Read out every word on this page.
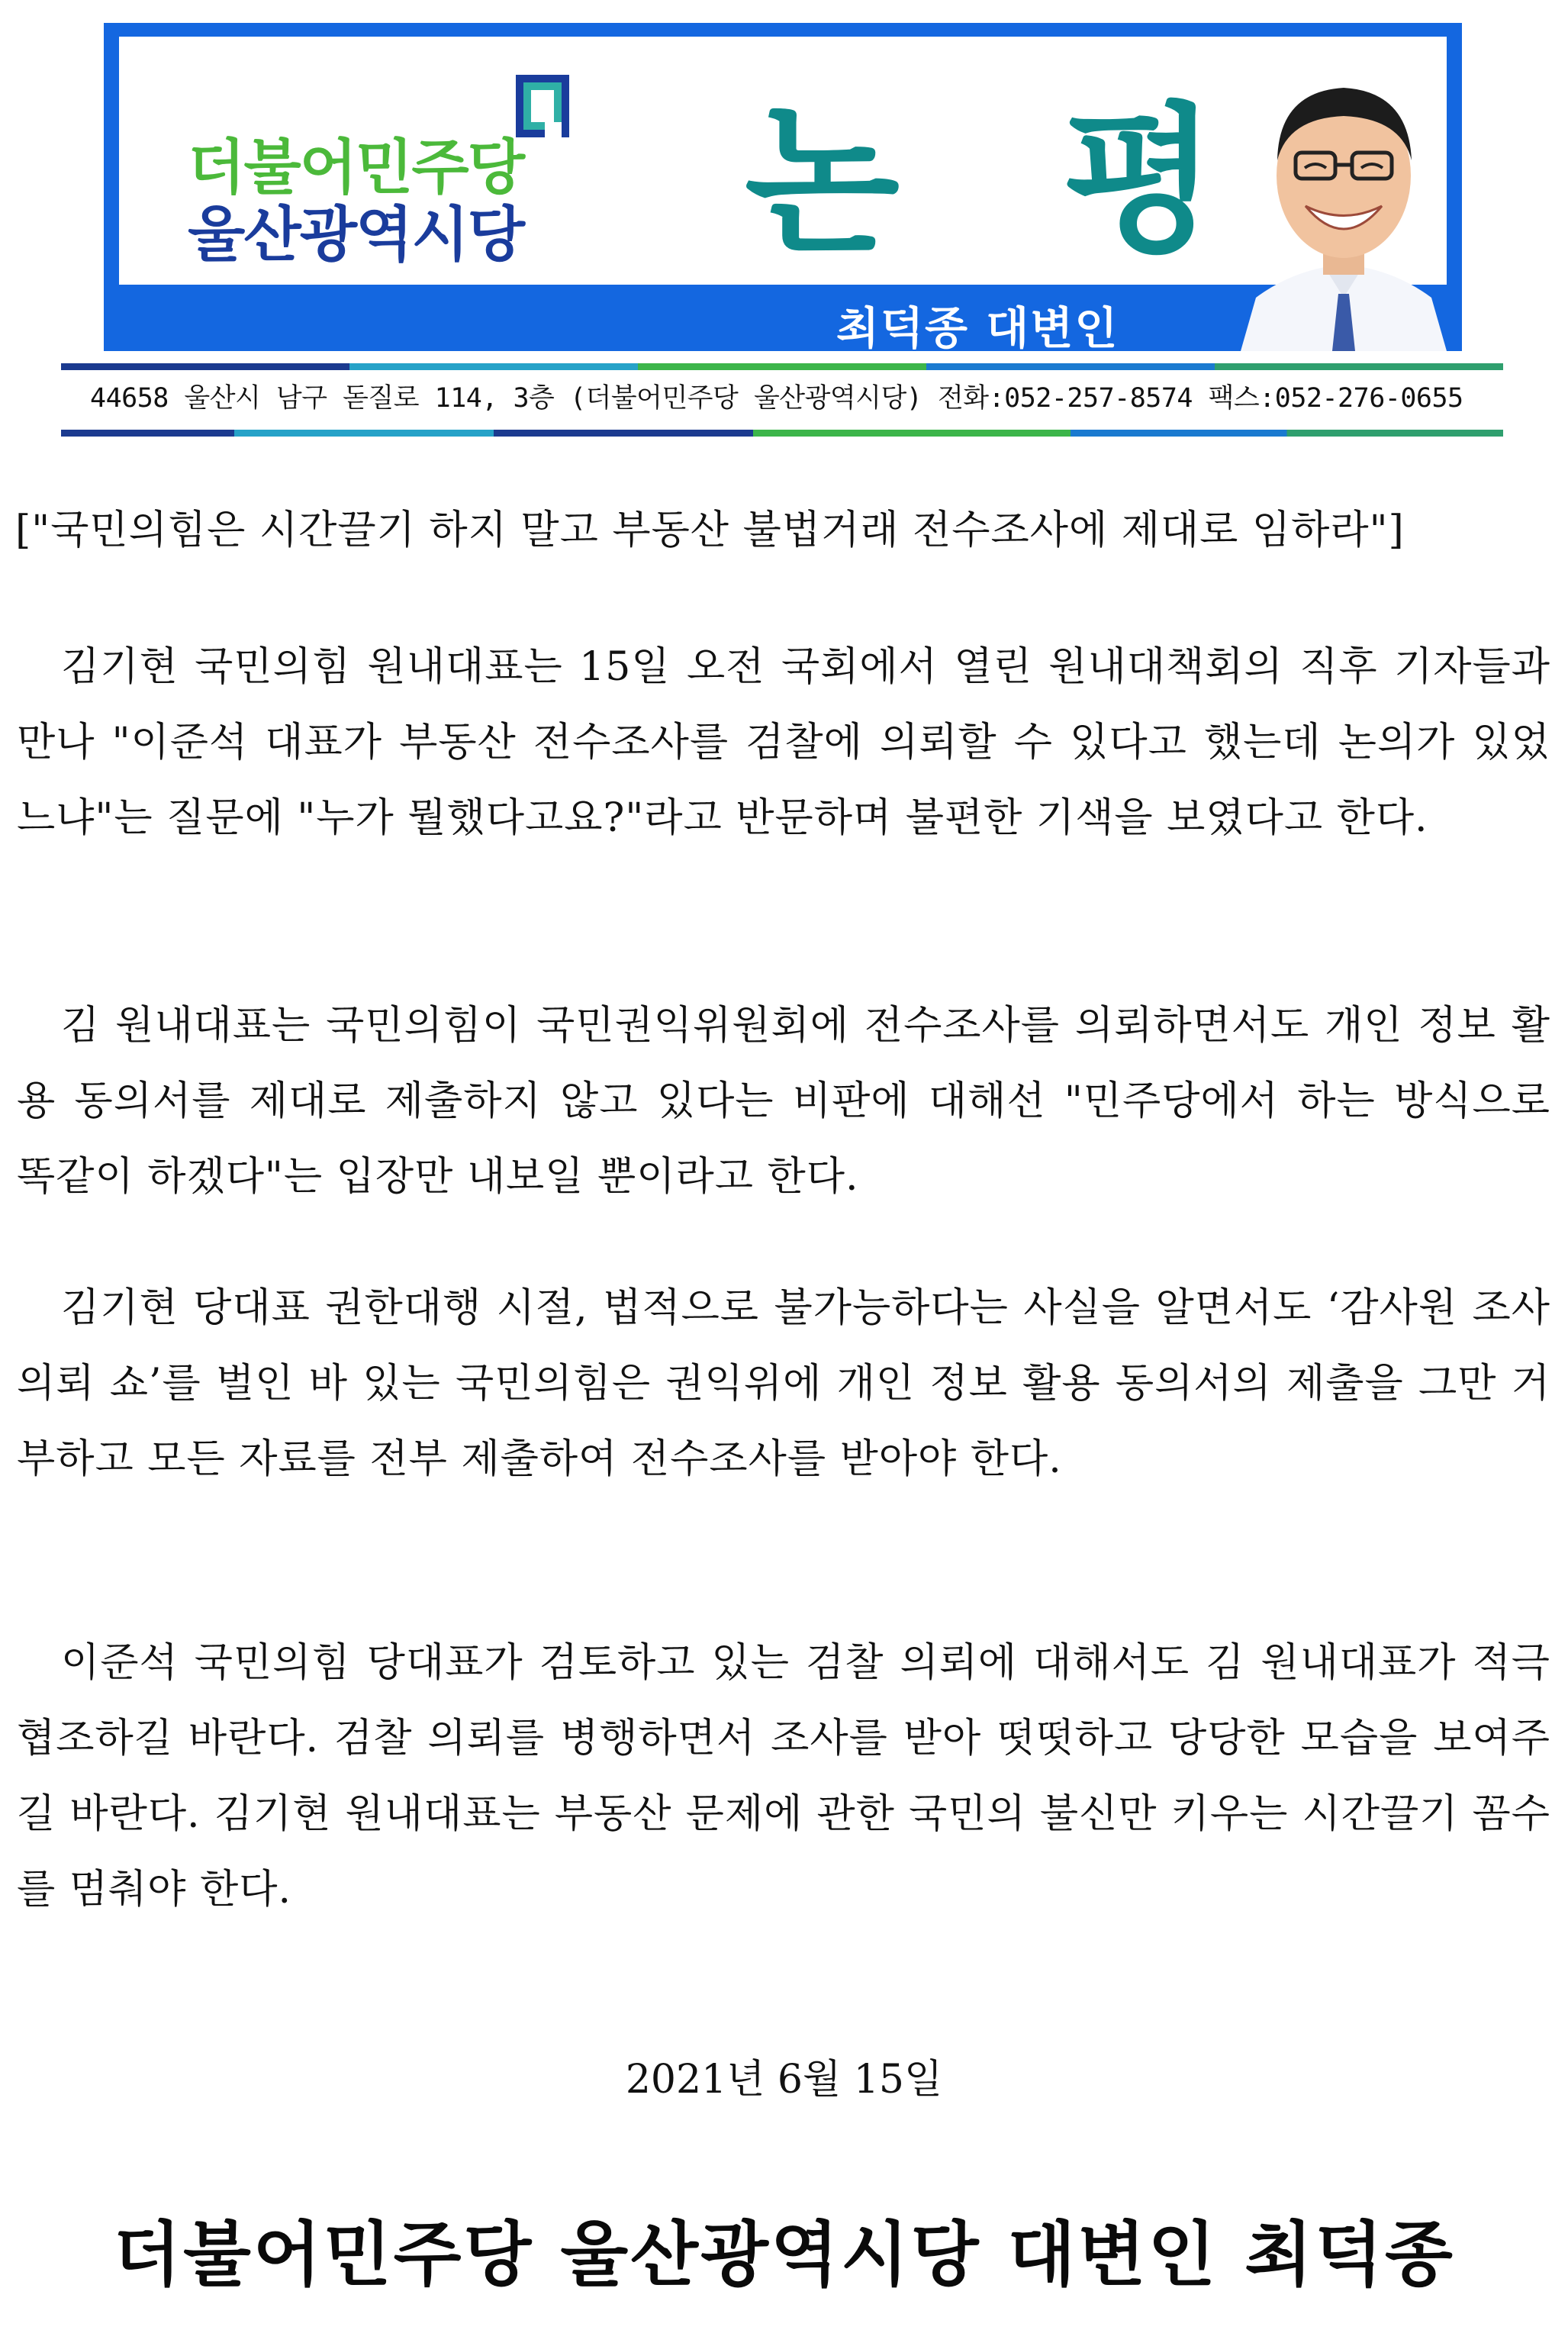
더불어민주당
울산광역시당 논 평
최덕종 대변인
44658 울산시 남구 돋질로 114, 3층 (더불어민주당 울산광역시당) 전화:052-257-8574 팩스:052-276-0655
["국민의힘은 시간끌기 하지 말고 부동산 불법거래 전수조사에 제대로 임하라"]
김기현 국민의힘 원내대표는 15일 오전 국회에서 열린 원내대책회의 직후 기자들과 만나 "이준석 대표가 부동산 전수조사를 검찰에 의뢰할 수 있다고 했는데 논의가 있었느냐"는 질문에 "누가 뭘했다고요?"라고 반문하며 불편한 기색을 보였다고 한다.
김 원내대표는 국민의힘이 국민권익위원회에 전수조사를 의뢰하면서도 개인 정보 활용 동의서를 제대로 제출하지 않고 있다는 비판에 대해선 "민주당에서 하는 방식으로 똑같이 하겠다"는 입장만 내보일 뿐이라고 한다.
김기현 당대표 권한대행 시절, 법적으로 불가능하다는 사실을 알면서도 ‘감사원 조사의뢰 쇼’를 벌인 바 있는 국민의힘은 권익위에 개인 정보 활용 동의서의 제출을 그만 거부하고 모든 자료를 전부 제출하여 전수조사를 받아야 한다.
이준석 국민의힘 당대표가 검토하고 있는 검찰 의뢰에 대해서도 김 원내대표가 적극 협조하길 바란다. 검찰 의뢰를 병행하면서 조사를 받아 떳떳하고 당당한 모습을 보여주길 바란다. 김기현 원내대표는 부동산 문제에 관한 국민의 불신만 키우는 시간끌기 꼼수를 멈춰야 한다.
2021년 6월 15일
더불어민주당 울산광역시당 대변인 최덕종
